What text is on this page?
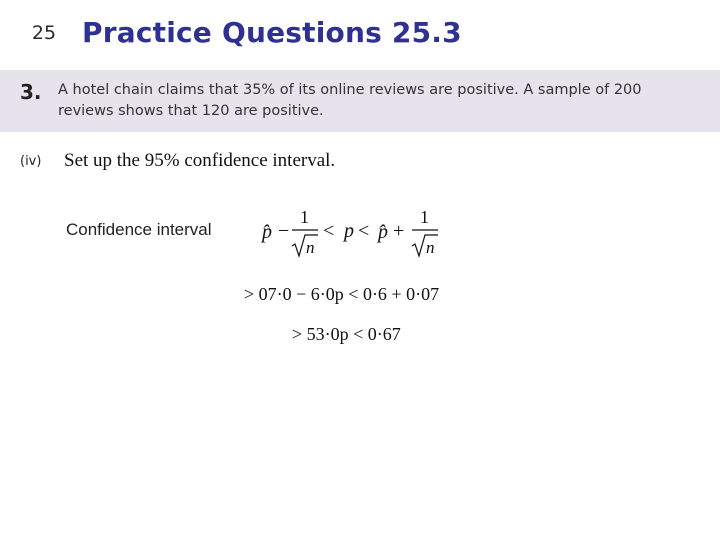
25 Practice Questions 25.3
3. A hotel chain claims that 35% of its online reviews are positive. A sample of 200
reviews shows that 120 are positive.
(iv) Set up the 95% confidence interval.
Confidence interval	p̂ −
1
n
< p < p̂ +
1
n
> 07·0 − 6·0p < 0·6 + 0·07
> 53·0p < 0·67
